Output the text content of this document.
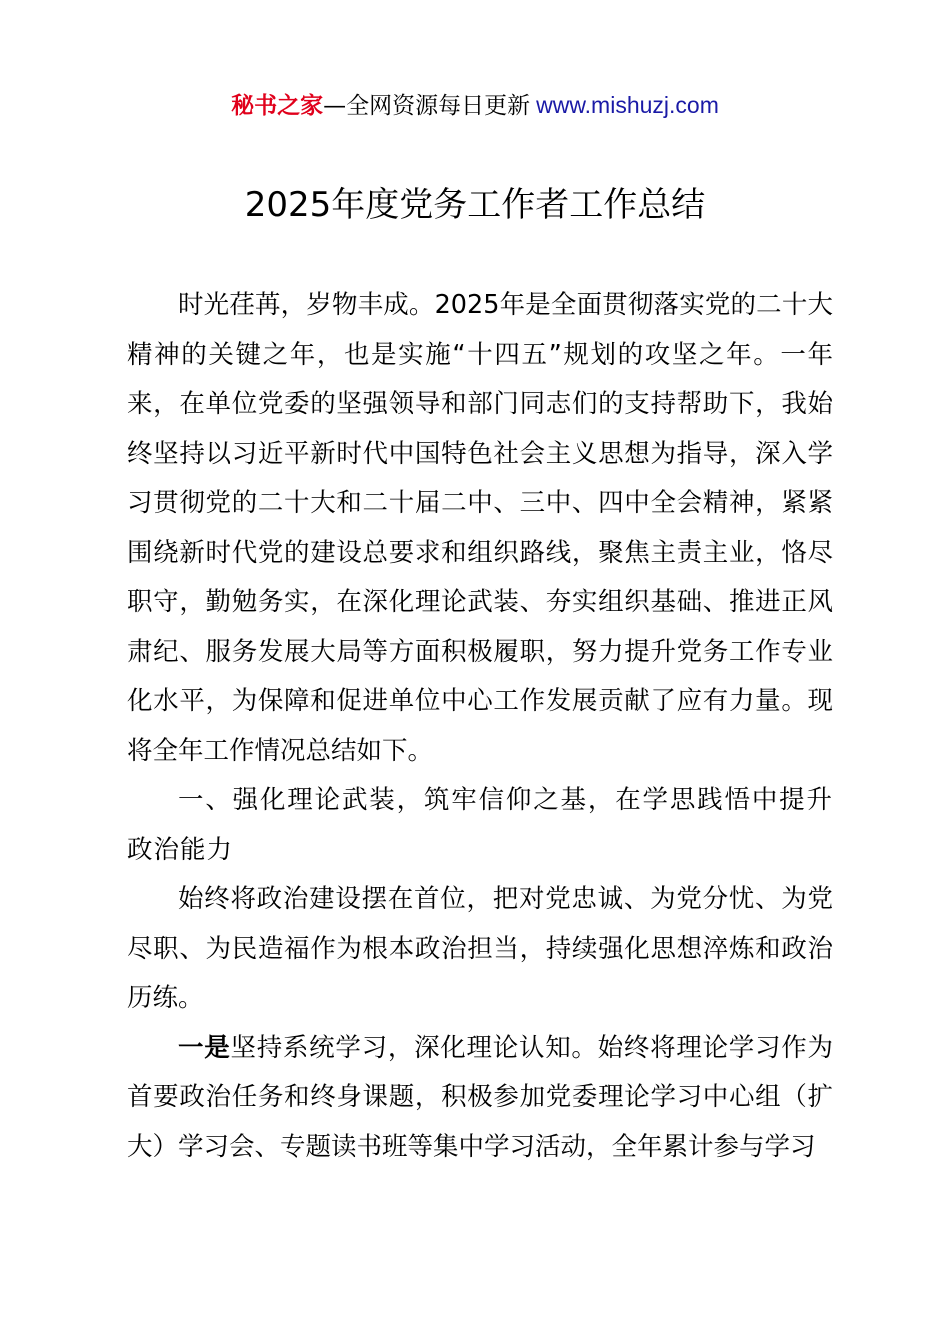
秘书之家—全网资源每日更新 www.mishuzj.com
2025年度党务工作者工作总结

时光荏苒，岁物丰成。2025年是全面贯彻落实党的二十大精神的关键之年，也是实施“十四五”规划的攻坚之年。一年来，在单位党委的坚强领导和部门同志们的支持帮助下，我始终坚持以习近平新时代中国特色社会主义思想为指导，深入学习贯彻党的二十大和二十届二中、三中、四中全会精神，紧紧围绕新时代党的建设总要求和组织路线，聚焦主责主业，恪尽职守，勤勉务实，在深化理论武装、夯实组织基础、推进正风肃纪、服务发展大局等方面积极履职，努力提升党务工作专业化水平，为保障和促进单位中心工作发展贡献了应有力量。现将全年工作情况总结如下。

一、强化理论武装，筑牢信仰之基，在学思践悟中提升政治能力

始终将政治建设摆在首位，把对党忠诚、为党分忧、为党尽职、为民造福作为根本政治担当，持续强化思想淬炼和政治历练。

一是坚持系统学习，深化理论认知。始终将理论学习作为首要政治任务和终身课题，积极参加党委理论学习中心组（扩大）学习会、专题读书班等集中学习活动，全年累计参与学习
